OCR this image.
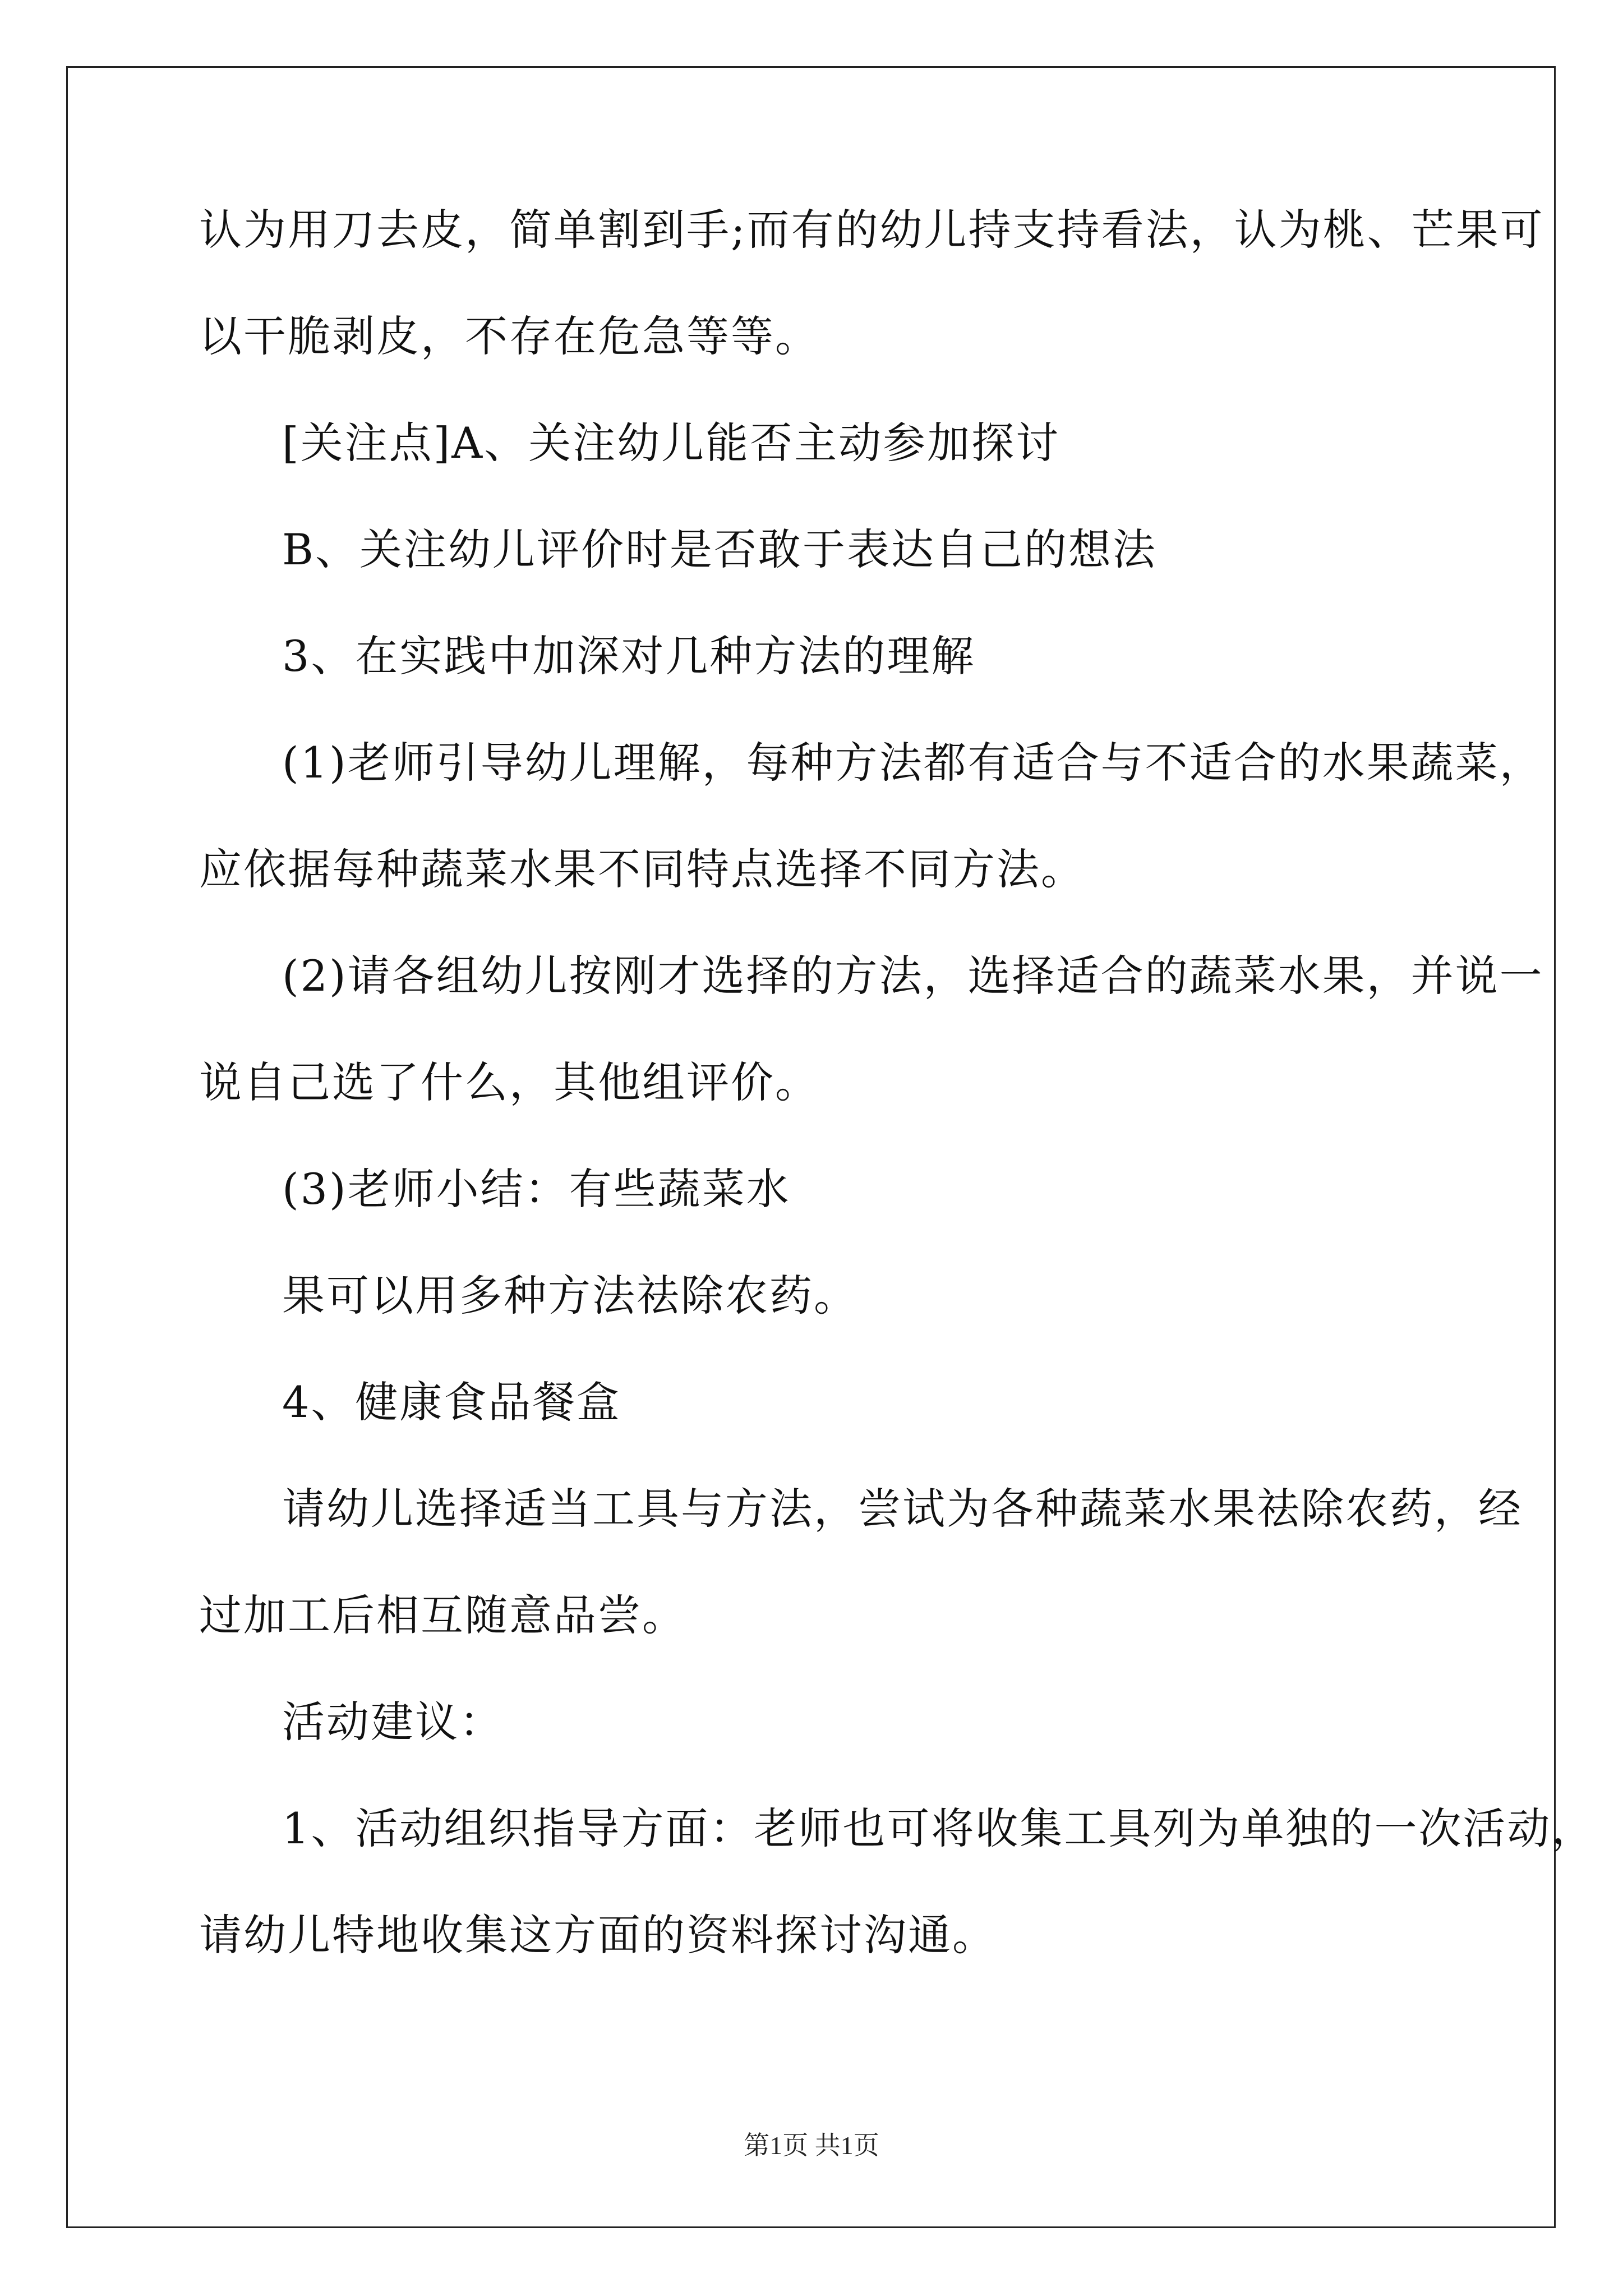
认为用刀去皮，简单割到手;而有的幼儿持支持看法，认为桃、芒果可
以干脆剥皮，不存在危急等等。
[关注点]A、关注幼儿能否主动参加探讨
B、关注幼儿评价时是否敢于表达自己的想法
3、在实践中加深对几种方法的理解
(1)老师引导幼儿理解，每种方法都有适合与不适合的水果蔬菜，
应依据每种蔬菜水果不同特点选择不同方法。
(2)请各组幼儿按刚才选择的方法，选择适合的蔬菜水果，并说一
说自己选了什么，其他组评价。
(3)老师小结：有些蔬菜水
果可以用多种方法祛除农药。
4、健康食品餐盒
请幼儿选择适当工具与方法，尝试为各种蔬菜水果祛除农药，经
过加工后相互随意品尝。
活动建议：
1、活动组织指导方面：老师也可将收集工具列为单独的一次活动，
请幼儿特地收集这方面的资料探讨沟通。
第1页 共1页
